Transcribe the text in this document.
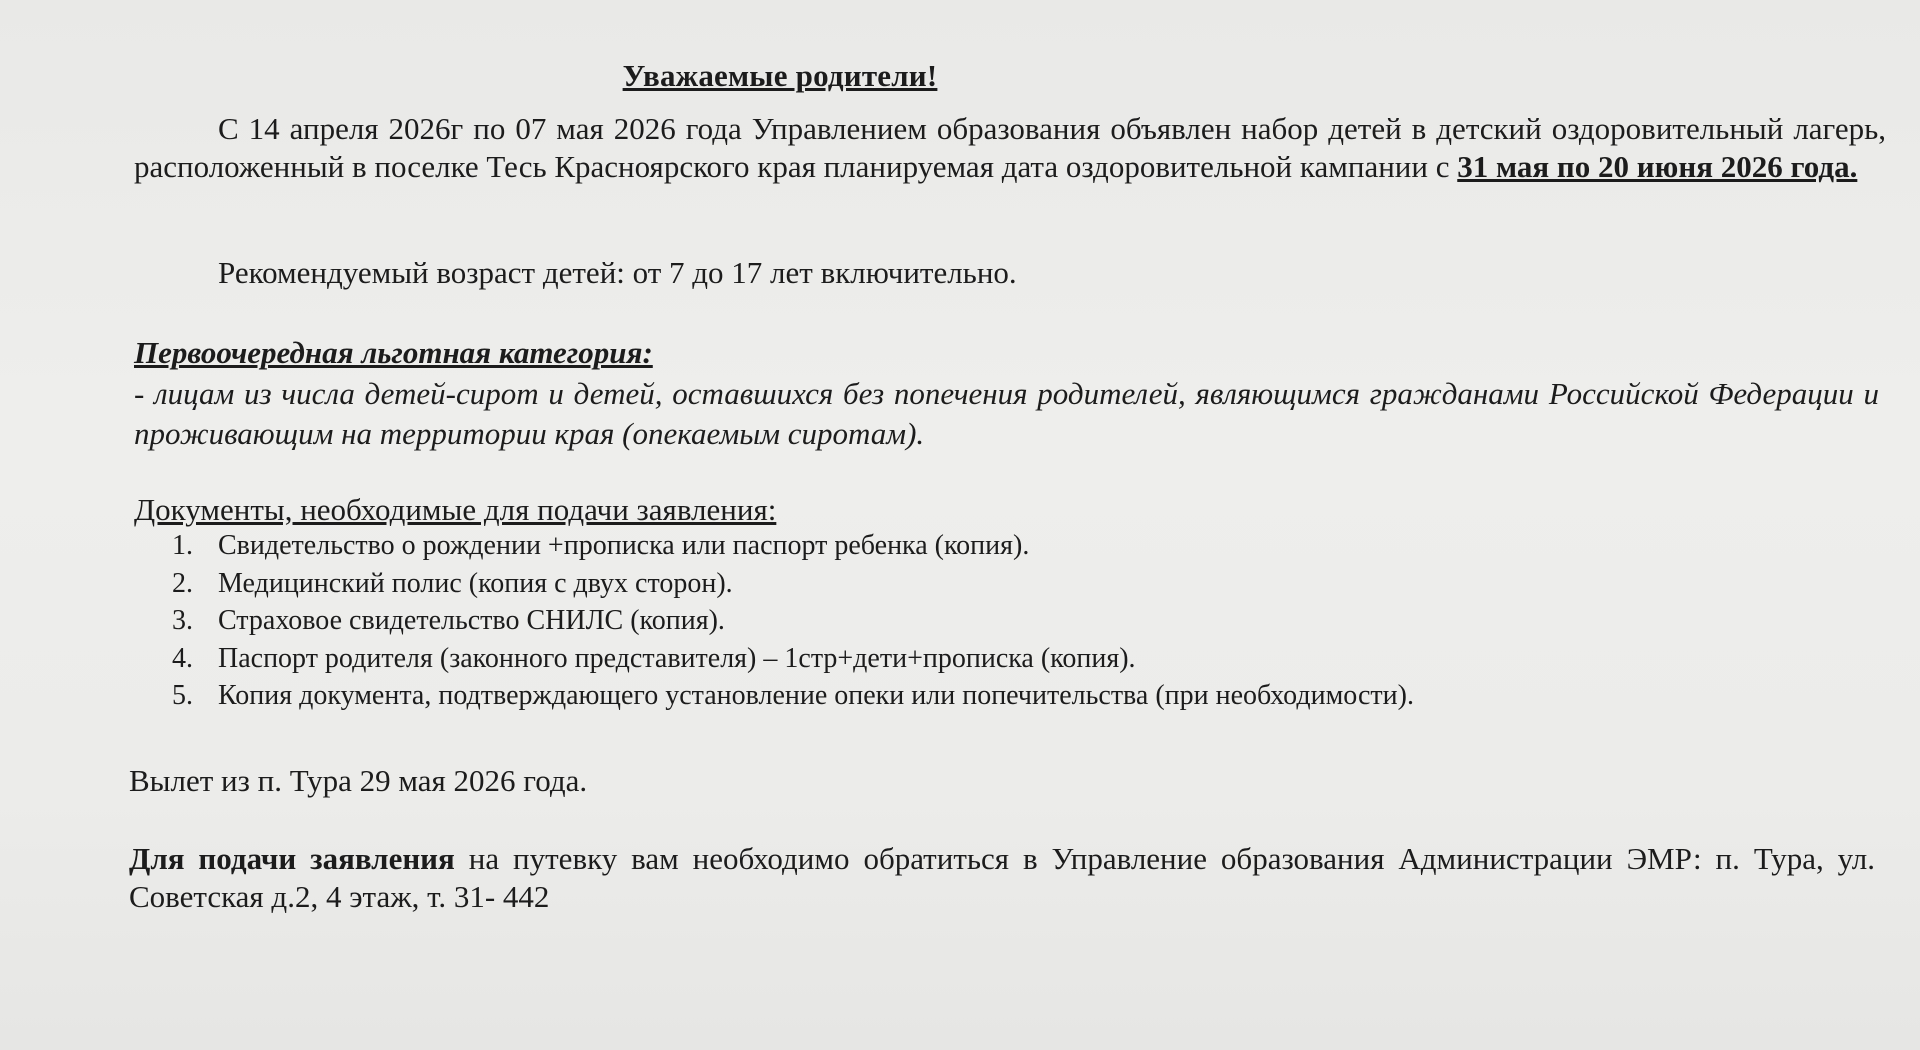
Уважаемые родители!
С 14 апреля 2026г по 07 мая 2026 года Управлением образования объявлен набор детей в детский оздоровительный лагерь, расположенный в поселке Тесь Красноярского края планируемая дата оздоровительной кампании с 31 мая по 20 июня 2026 года.
Рекомендуемый возраст детей: от 7 до 17 лет включительно.
Первоочередная льготная категория:
- лицам из числа детей-сирот и детей, оставшихся без попечения родителей, являющимся гражданами Российской Федерации и проживающим на территории края (опекаемым сиротам).
Документы, необходимые для подачи заявления:
1. Свидетельство о рождении +прописка или паспорт ребенка (копия).
2. Медицинский полис (копия с двух сторон).
3. Страховое свидетельство СНИЛС (копия).
4. Паспорт родителя (законного представителя) – 1стр+дети+прописка (копия).
5. Копия документа, подтверждающего установление опеки или попечительства (при необходимости).
Вылет из п. Тура 29 мая 2026 года.
Для подачи заявления на путевку вам необходимо обратиться в Управление образования Администрации ЭМР: п. Тура, ул. Советская д.2, 4 этаж, т. 31- 442
